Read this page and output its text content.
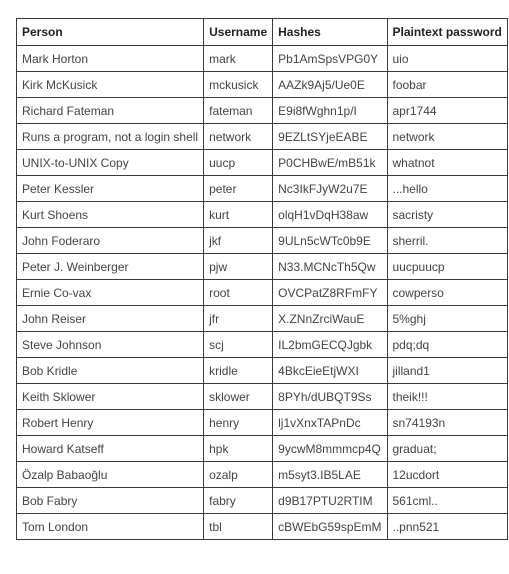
Person	Username	Hashes	Plaintext password
Mark Horton	mark	Pb1AmSpsVPG0Y	uio
Kirk McKusick	mckusick	AAZk9Aj5/Ue0E	foobar
Richard Fateman	fateman	E9i8fWghn1p/I	apr1744
Runs a program, not a login shell	network	9EZLtSYjeEABE	network
UNIX-to-UNIX Copy	uucp	P0CHBwE/mB51k	whatnot
Peter Kessler	peter	Nc3IkFJyW2u7E	...hello
Kurt Shoens	kurt	olqH1vDqH38aw	sacristy
John Foderaro	jkf	9ULn5cWTc0b9E	sherril.
Peter J. Weinberger	pjw	N33.MCNcTh5Qw	uucpuucp
Ernie Co-vax	root	OVCPatZ8RFmFY	cowperso
John Reiser	jfr	X.ZNnZrciWauE	5%ghj
Steve Johnson	scj	IL2bmGECQJgbk	pdq;dq
Bob Kridle	kridle	4BkcEieEtjWXI	jilland1
Keith Sklower	sklower	8PYh/dUBQT9Ss	theik!!!
Robert Henry	henry	lj1vXnxTAPnDc	sn74193n
Howard Katseff	hpk	9ycwM8mmmcp4Q	graduat;
Özalp Babaoğlu	ozalp	m5syt3.IB5LAE	12ucdort
Bob Fabry	fabry	d9B17PTU2RTIM	561cml..
Tom London	tbl	cBWEbG59spEmM	..pnn521
